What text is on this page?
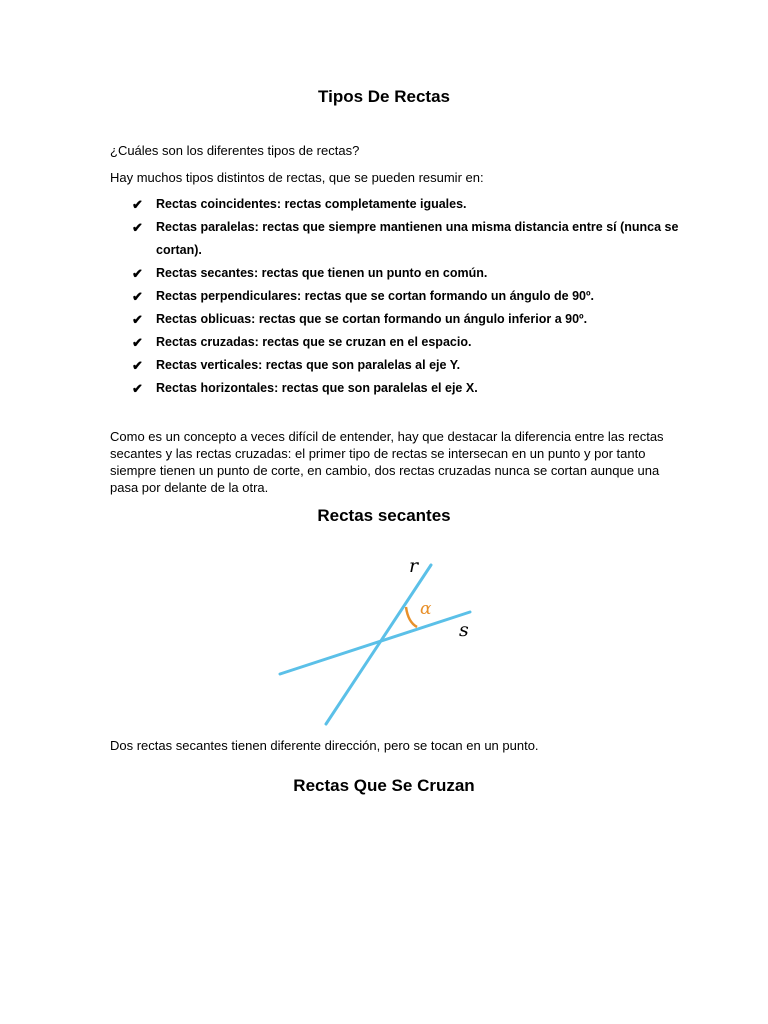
Tipos De Rectas

¿Cuáles son los diferentes tipos de rectas?

Hay muchos tipos distintos de rectas, que se pueden resumir en:

✔ Rectas coincidentes: rectas completamente iguales.
✔ Rectas paralelas: rectas que siempre mantienen una misma distancia entre sí (nunca se cortan).
✔ Rectas secantes: rectas que tienen un punto en común.
✔ Rectas perpendiculares: rectas que se cortan formando un ángulo de 90º.
✔ Rectas oblicuas: rectas que se cortan formando un ángulo inferior a 90º.
✔ Rectas cruzadas: rectas que se cruzan en el espacio.
✔ Rectas verticales: rectas que son paralelas al eje Y.
✔ Rectas horizontales: rectas que son paralelas el eje X.

Como es un concepto a veces difícil de entender, hay que destacar la diferencia entre las rectas secantes y las rectas cruzadas: el primer tipo de rectas se intersecan en un punto y por tanto siempre tienen un punto de corte, en cambio, dos rectas cruzadas nunca se cortan aunque una pasa por delante de la otra.

Rectas secantes
r
s
α

Dos rectas secantes tienen diferente dirección, pero se tocan en un punto.

Rectas Que Se Cruzan
